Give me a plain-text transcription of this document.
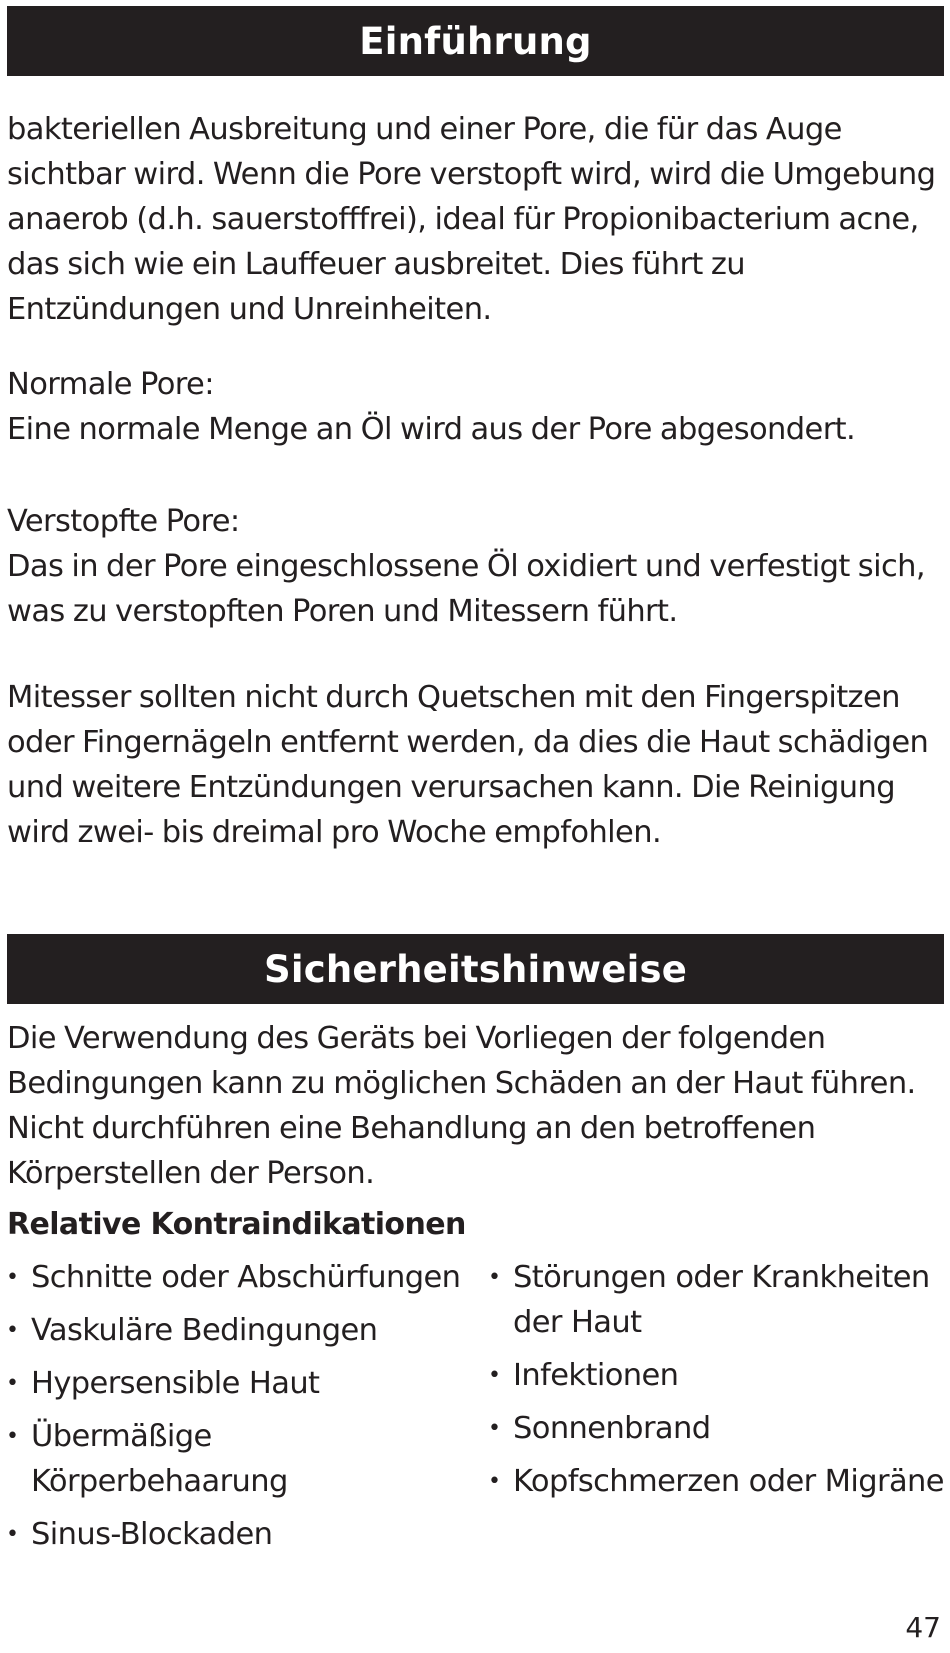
Einführung

bakteriellen Ausbreitung und einer Pore, die für das Auge sichtbar wird. Wenn die Pore verstopft wird, wird die Umgebung anaerob (d.h. sauerstofffrei), ideal für Propionibacterium acne, das sich wie ein Lauffeuer ausbreitet. Dies führt zu Entzündungen und Unreinheiten.

Normale Pore:
Eine normale Menge an Öl wird aus der Pore abgesondert.

Verstopfte Pore:
Das in der Pore eingeschlossene Öl oxidiert und verfestigt sich, was zu verstopften Poren und Mitessern führt.

Mitesser sollten nicht durch Quetschen mit den Fingerspitzen oder Fingernägeln entfernt werden, da dies die Haut schädigen und weitere Entzündungen verursachen kann. Die Reinigung wird zwei- bis dreimal pro Woche empfohlen.

Sicherheitshinweise

Die Verwendung des Geräts bei Vorliegen der folgenden Bedingungen kann zu möglichen Schäden an der Haut führen. Nicht durchführen eine Behandlung an den betroffenen Körperstellen der Person.

Relative Kontraindikationen
• Schnitte oder Abschürfungen
• Vaskuläre Bedingungen
• Hypersensible Haut
• Übermäßige Körperbehaarung
• Sinus-Blockaden
• Störungen oder Krankheiten der Haut
• Infektionen
• Sonnenbrand
• Kopfschmerzen oder Migräne
47
